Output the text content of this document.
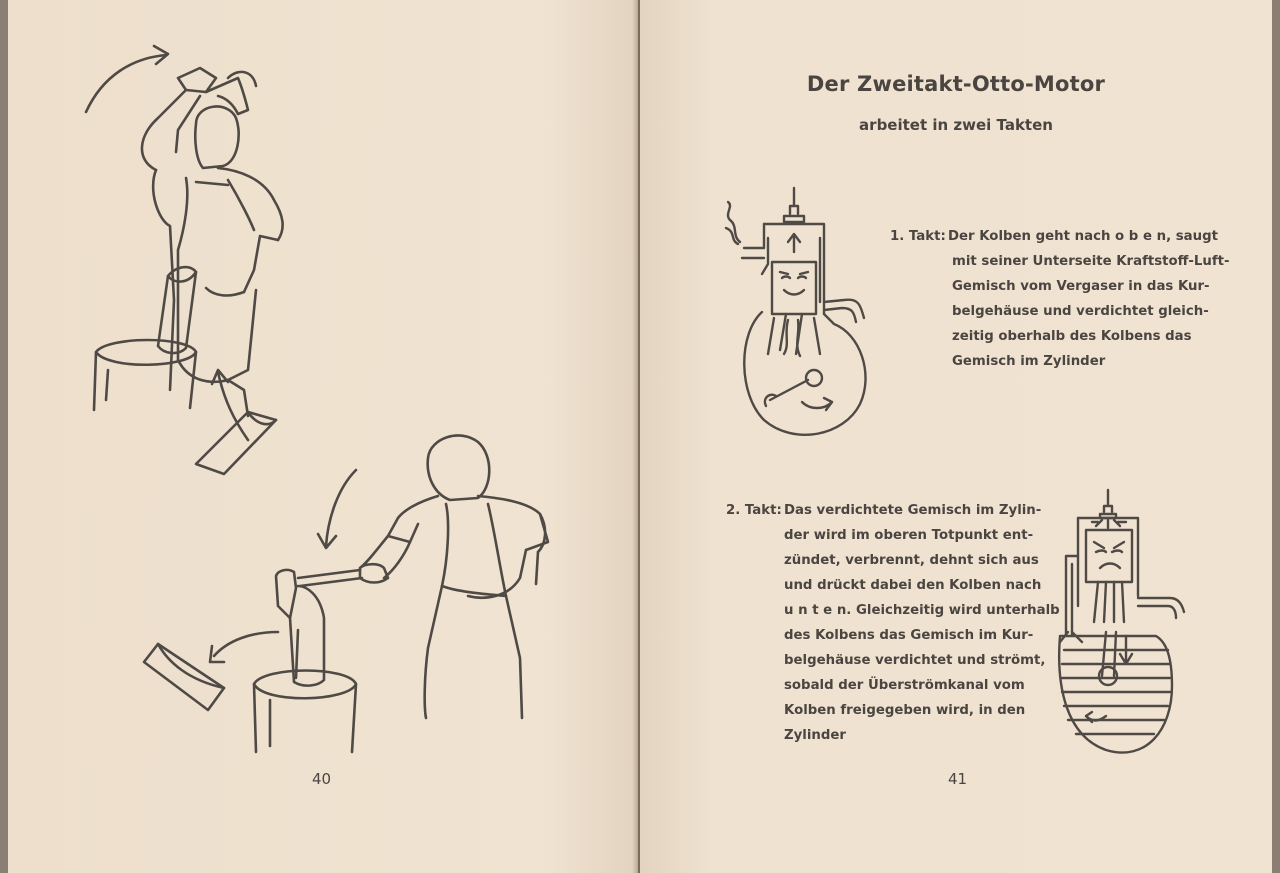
40
Der Zweitakt-Otto-Motor
arbeitet in zwei Takten
1. Takt: Der Kolben geht nach o b e n, saugt
mit seiner Unterseite Kraftstoff-Luft-
Gemisch vom Vergaser in das Kur-
belgehäuse und verdichtet gleich-
zeitig oberhalb des Kolbens das
Gemisch im Zylinder
2. Takt: Das verdichtete Gemisch im Zylin-
der wird im oberen Totpunkt ent-
zündet, verbrennt, dehnt sich aus
und drückt dabei den Kolben nach
u n t e n. Gleichzeitig wird unterhalb
des Kolbens das Gemisch im Kur-
belgehäuse verdichtet und strömt,
sobald der Überströmkanal vom
Kolben freigegeben wird, in den
Zylinder
41
